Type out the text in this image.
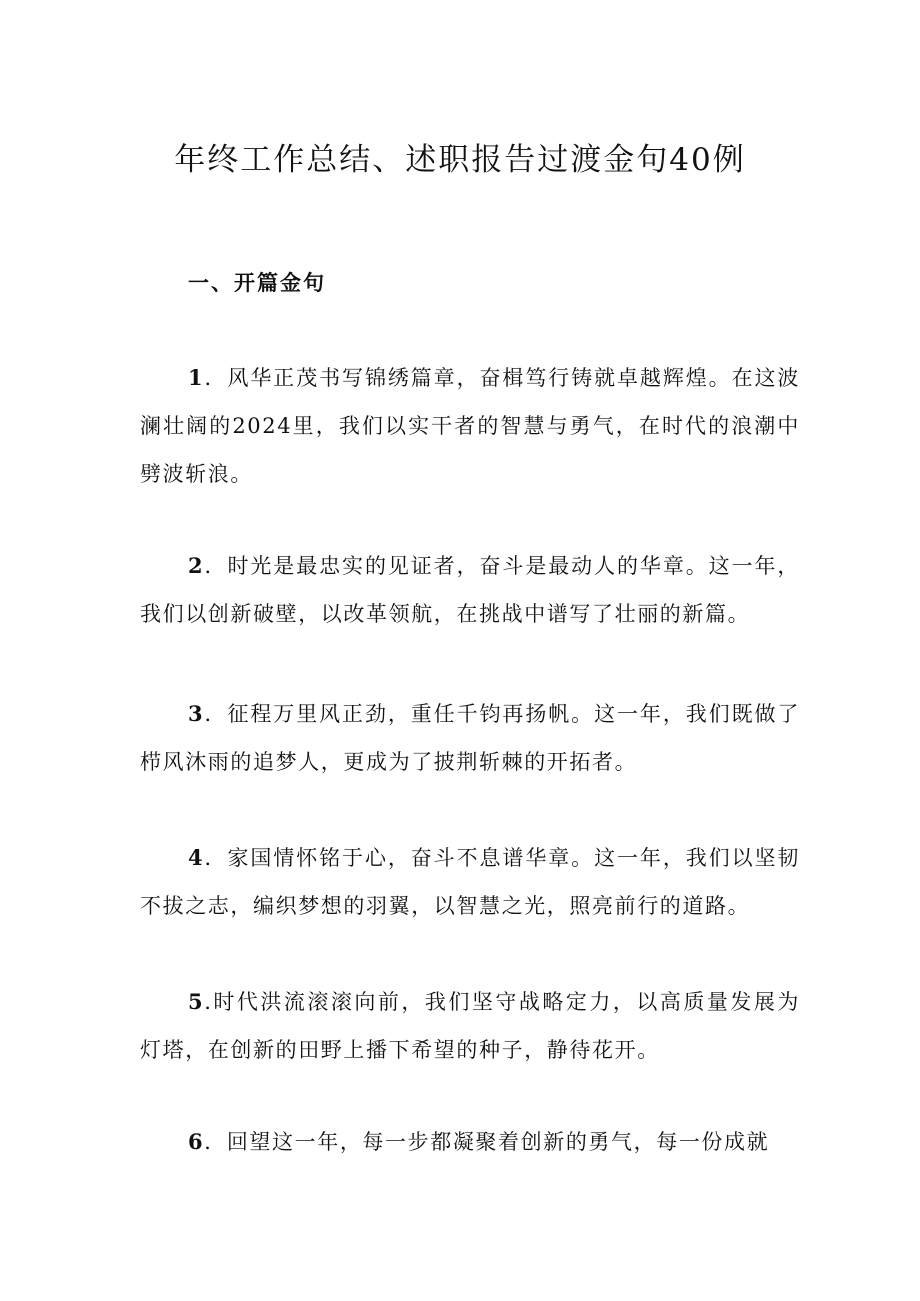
年终工作总结、述职报告过渡金句40例
一、开篇金句

1．风华正茂书写锦绣篇章，奋楫笃行铸就卓越辉煌。在这波澜壮阔的2024里，我们以实干者的智慧与勇气，在时代的浪潮中劈波斩浪。

2．时光是最忠实的见证者，奋斗是最动人的华章。这一年，我们以创新破壁，以改革领航，在挑战中谱写了壮丽的新篇。

3．征程万里风正劲，重任千钧再扬帆。这一年，我们既做了栉风沐雨的追梦人，更成为了披荆斩棘的开拓者。

4．家国情怀铭于心，奋斗不息谱华章。这一年，我们以坚韧不拔之志，编织梦想的羽翼，以智慧之光，照亮前行的道路。

5.时代洪流滚滚向前，我们坚守战略定力，以高质量发展为灯塔，在创新的田野上播下希望的种子，静待花开。

6．回望这一年，每一步都凝聚着创新的勇气，每一份成就
